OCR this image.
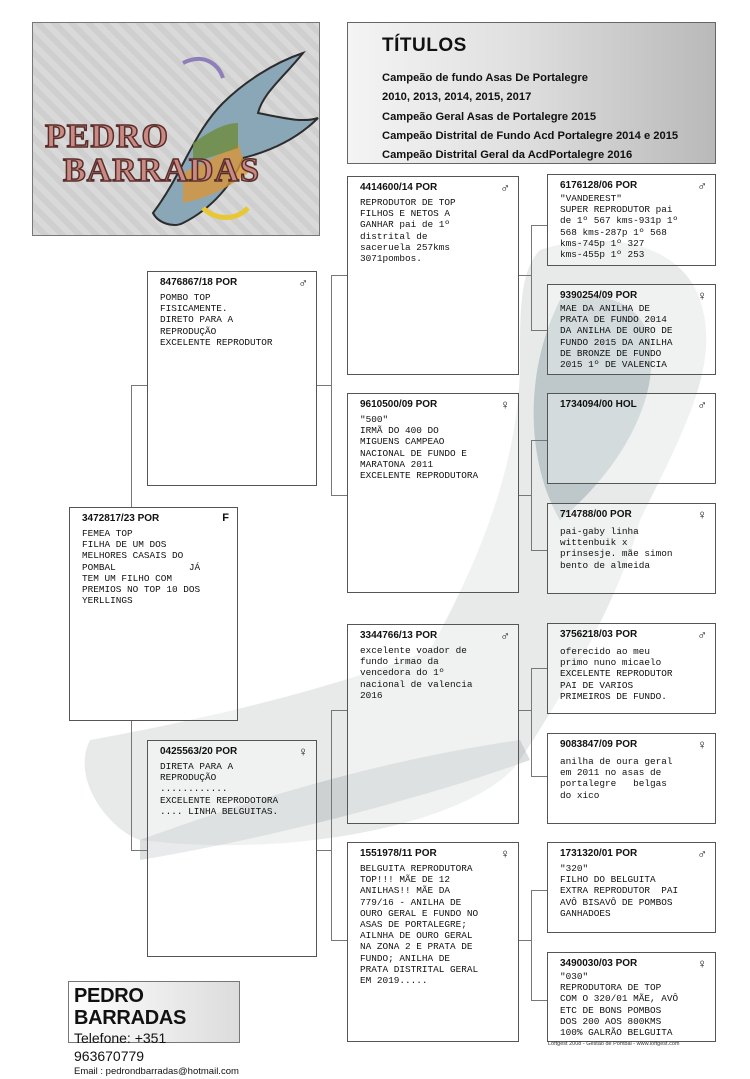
PEDRO
BARRADAS
TÍTULOS
Campeão de fundo Asas De Portalegre
2010, 2013, 2014, 2015, 2017
Campeão Geral Asas de Portalegre 2015
Campeão Distrital de Fundo Acd Portalegre 2014 e 2015
Campeão Distrital Geral da AcdPortalegre 2016
3472817/23 POR	F
FEMEA TOP
FILHA DE UM DOS
MELHORES CASAIS DO
POMBAL             JÁ
TEM UM FILHO COM
PREMIOS NO TOP 10 DOS
YERLLINGS
8476867/18 POR	♂
POMBO TOP
FISICAMENTE.
DIRETO PARA A
REPRODUÇÃO
EXCELENTE REPRODUTOR
0425563/20 POR	♀
DIRETA PARA A
REPRODUÇÃO
............
EXCELENTE REPRODOTORA
.... LINHA BELGUITAS.
4414600/14 POR	♂
REPRODUTOR DE TOP
FILHOS E NETOS A
GANHAR pai de 1º
distrital de
saceruela 257kms
3071pombos.
9610500/09 POR	♀
"500"
IRMÃ DO 400 DO
MIGUENS CAMPEAO
NACIONAL DE FUNDO E
MARATONA 2011
EXCELENTE REPRODUTORA
3344766/13 POR	♂
excelente voador de
fundo irmao da
vencedora do 1º
nacional de valencia
2016
1551978/11 POR	♀
BELGUITA REPRODUTORA
TOP!!! MÃE DE 12
ANILHAS!! MÃE DA
779/16 - ANILHA DE
OURO GERAL E FUNDO NO
ASAS DE PORTALEGRE;
AILNHA DE OURO GERAL
NA ZONA 2 E PRATA DE
FUNDO; ANILHA DE
PRATA DISTRITAL GERAL
EM 2019.....
6176128/06 POR	♂
"VANDEREST"
SUPER REPRODUTOR pai
de 1º 567 kms-931p 1º
568 kms-287p 1º 568
kms-745p 1º 327
kms-455p 1º 253
9390254/09 POR	♀
MAE DA ANILHA DE
PRATA DE FUNDO 2014
DA ANILHA DE OURO DE
FUNDO 2015 DA ANILHA
DE BRONZE DE FUNDO
2015 1º DE VALENCIA
1734094/00 HOL	♂
714788/00 POR	♀
pai-gaby linha
wittenbuik x
prinsesje. mãe simon
bento de almeida
3756218/03 POR	♂
oferecido ao meu
primo nuno micaelo
EXCELENTE REPRODUTOR
PAI DE VARIOS
PRIMEIROS DE FUNDO.
9083847/09 POR	♀
anilha de oura geral
em 2011 no asas de
portalegre   belgas
do xico
1731320/01 POR	♂
"320"
FILHO DO BELGUITA
EXTRA REPRODUTOR  PAI
AVÔ BISAVÔ DE POMBOS
GANHADOES
3490030/03 POR	♀
"030"
REPRODUTORA DE TOP
COM O 320/01 MÃE, AVÔ
ETC DE BONS POMBOS
DOS 200 AOS 800KMS
100% GALRÃO BELGUITA
PEDRO BARRADAS
Telefone: +351 963670779
Email : pedrondbarradas@hotmail.com
Loftgest 2008 - Gestão de Pombal - www.loftgest.com
